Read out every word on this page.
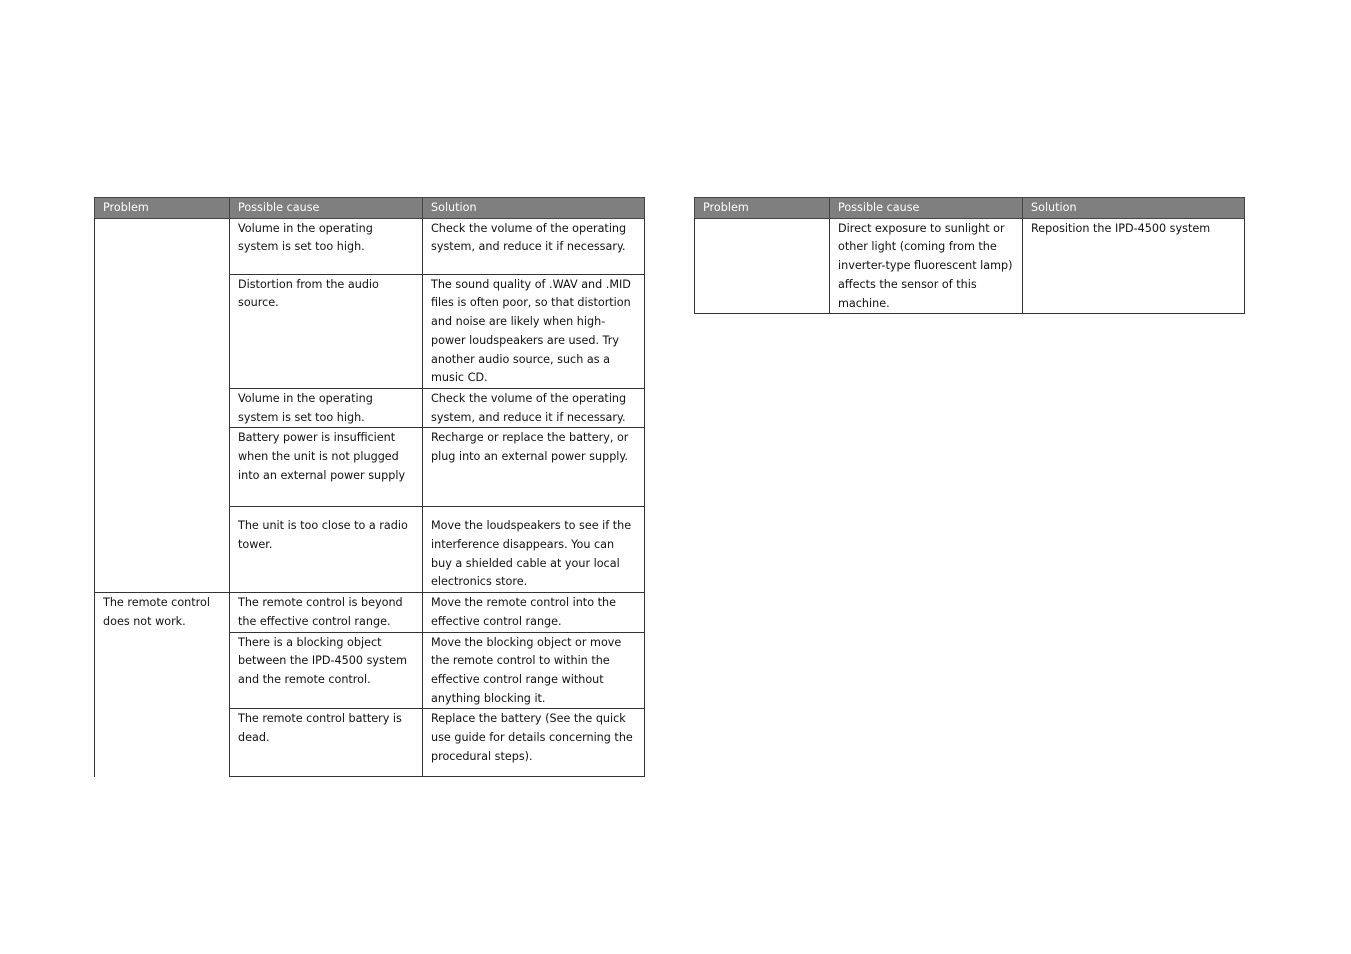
Problem	Possible cause	Solution
	Volume in the operating system is set too high.	Check the volume of the operating system, and reduce it if necessary.
	Distortion from the audio source.	The sound quality of .WAV and .MID files is often poor, so that distortion and noise are likely when high-power loudspeakers are used. Try another audio source, such as a music CD.
	Volume in the operating system is set too high.	Check the volume of the operating system, and reduce it if necessary.
	Battery power is insufficient when the unit is not plugged into an external power supply	Recharge or replace the battery, or plug into an external power supply.
	The unit is too close to a radio tower.	Move the loudspeakers to see if the interference disappears. You can buy a shielded cable at your local electronics store.
The remote control does not work.	The remote control is beyond the effective control range.	Move the remote control into the effective control range.
	There is a blocking object between the IPD-4500 system and the remote control.	Move the blocking object or move the remote control to within the effective control range without anything blocking it.
	The remote control battery is dead.	Replace the battery (See the quick use guide for details concerning the procedural steps).
Problem	Possible cause	Solution
	Direct exposure to sunlight or other light (coming from the inverter-type fluorescent lamp) affects the sensor of this machine.	Reposition the IPD-4500 system
